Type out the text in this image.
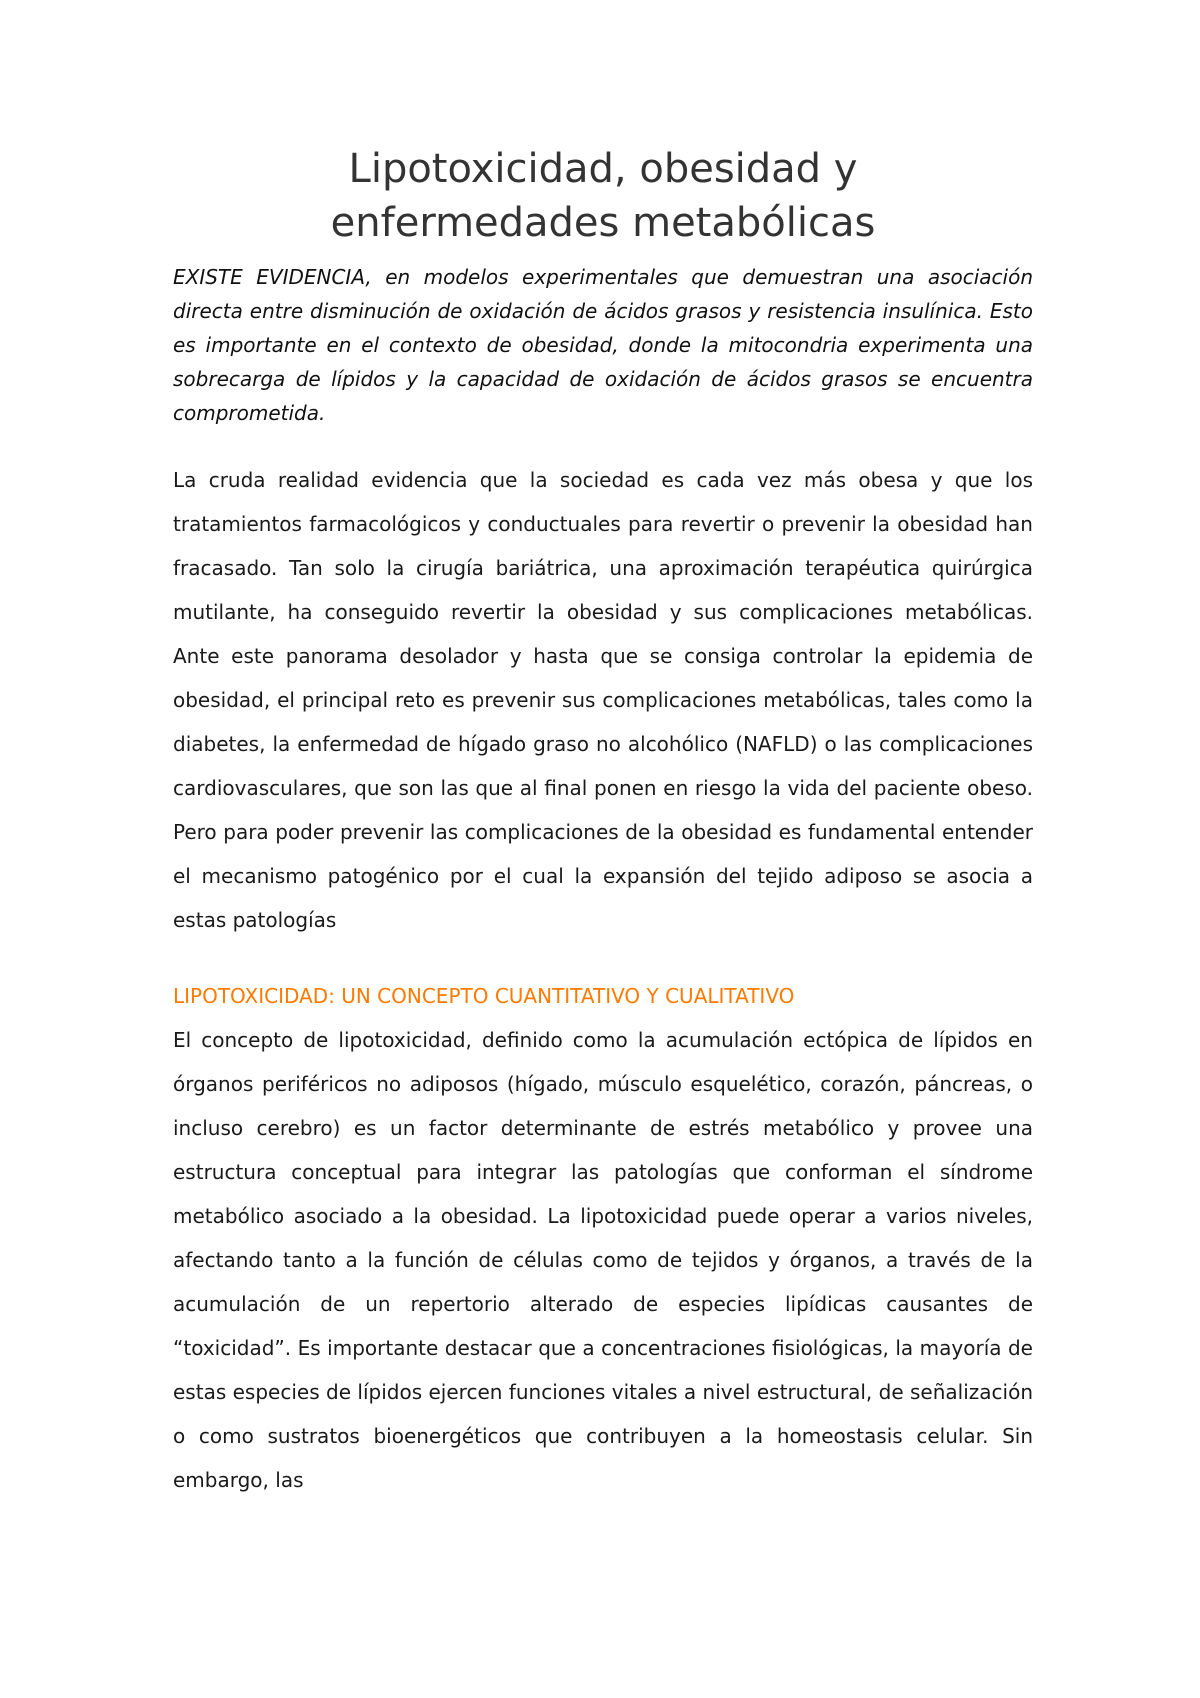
Lipotoxicidad, obesidad y
enfermedades metabólicas

EXISTE EVIDENCIA, en modelos experimentales que demuestran una asociación directa entre disminución de oxidación de ácidos grasos y resistencia insulínica. Esto es importante en el contexto de obesidad, donde la mitocondria experimenta una sobrecarga de lípidos y la capacidad de oxidación de ácidos grasos se encuentra comprometida.

La cruda realidad evidencia que la sociedad es cada vez más obesa y que los tratamientos farmacológicos y conductuales para revertir o prevenir la obesidad han fracasado. Tan solo la cirugía bariátrica, una aproximación terapéutica quirúrgica mutilante, ha conseguido revertir la obesidad y sus complicaciones metabólicas. Ante este panorama desolador y hasta que se consiga controlar la epidemia de obesidad, el principal reto es prevenir sus complicaciones metabólicas, tales como la diabetes, la enfermedad de hígado graso no alcohólico (NAFLD) o las complicaciones cardiovasculares, que son las que al final ponen en riesgo la vida del paciente obeso. Pero para poder prevenir las complicaciones de la obesidad es fundamental entender el mecanismo patogénico por el cual la expansión del tejido adiposo se asocia a estas patologías

LIPOTOXICIDAD: UN CONCEPTO CUANTITATIVO Y CUALITATIVO

El concepto de lipotoxicidad, definido como la acumulación ectópica de lípidos en órganos periféricos no adiposos (hígado, músculo esquelético, corazón, páncreas, o incluso cerebro) es un factor determinante de estrés metabólico y provee una estructura conceptual para integrar las patologías que conforman el síndrome metabólico asociado a la obesidad. La lipotoxicidad puede operar a varios niveles, afectando tanto a la función de células como de tejidos y órganos, a través de la acumulación de un repertorio alterado de especies lipídicas causantes de “toxicidad”. Es importante destacar que a concentraciones fisiológicas, la mayoría de estas especies de lípidos ejercen funciones vitales a nivel estructural, de señalización o como sustratos bioenergéticos que contribuyen a la homeostasis celular. Sin embargo, las
